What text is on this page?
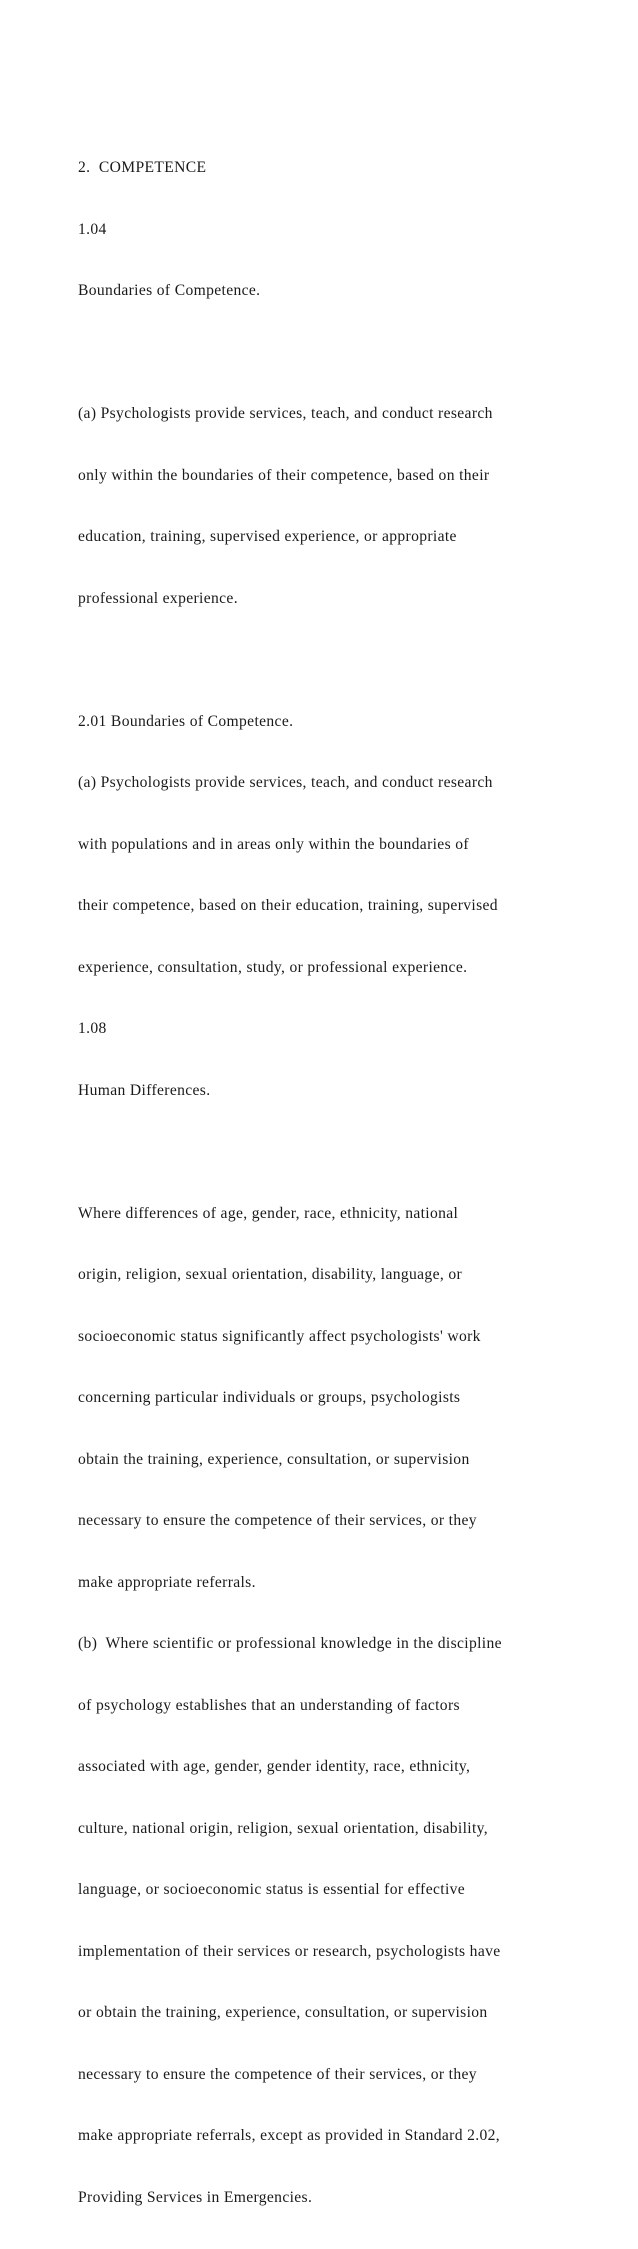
2.  COMPETENCE

1.04

Boundaries of Competence.

(a) Psychologists provide services, teach, and conduct research

only within the boundaries of their competence, based on their

education, training, supervised experience, or appropriate

professional experience.

2.01 Boundaries of Competence.

(a) Psychologists provide services, teach, and conduct research

with populations and in areas only within the boundaries of

their competence, based on their education, training, supervised

experience, consultation, study, or professional experience.

1.08

Human Differences.

Where differences of age, gender, race, ethnicity, national

origin, religion, sexual orientation, disability, language, or

socioeconomic status significantly affect psychologists' work

concerning particular individuals or groups, psychologists

obtain the training, experience, consultation, or supervision

necessary to ensure the competence of their services, or they

make appropriate referrals.

(b)  Where scientific or professional knowledge in the discipline

of psychology establishes that an understanding of factors

associated with age, gender, gender identity, race, ethnicity,

culture, national origin, religion, sexual orientation, disability,

language, or socioeconomic status is essential for effective

implementation of their services or research, psychologists have

or obtain the training, experience, consultation, or supervision

necessary to ensure the competence of their services, or they

make appropriate referrals, except as provided in Standard 2.02,

Providing Services in Emergencies.
